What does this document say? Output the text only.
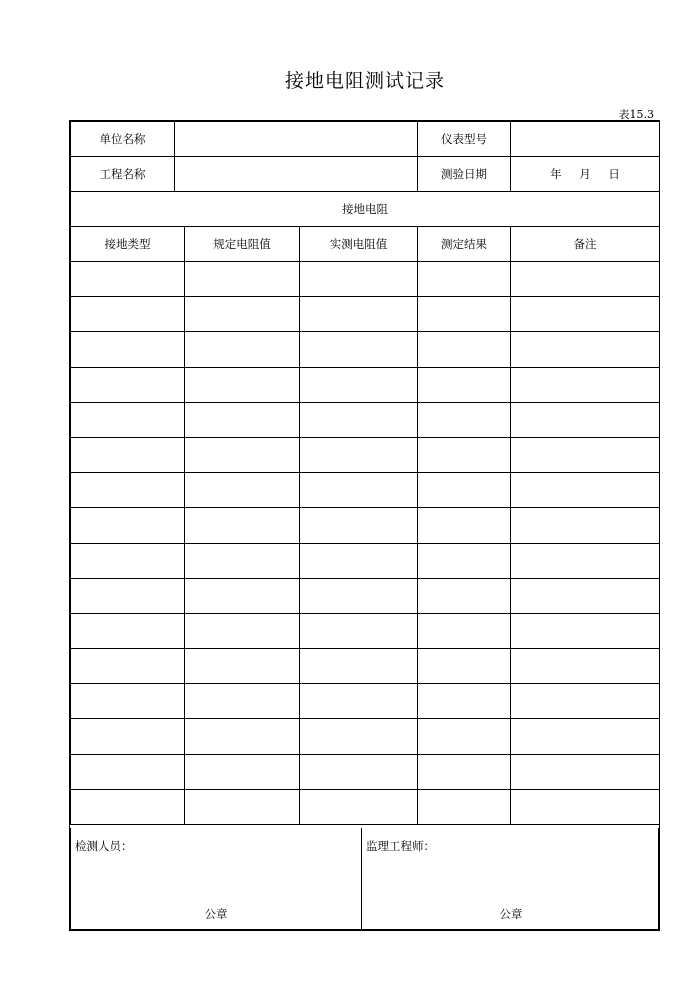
接地电阻测试记录
表15.3
单位名称				仪表型号	
工程名称				测验日期	年 月 日
接地电阻					
接地类型		规定电阻值	实测电阻值	测定结果	备注

检测人员：
公章
监理工程师：
公章
